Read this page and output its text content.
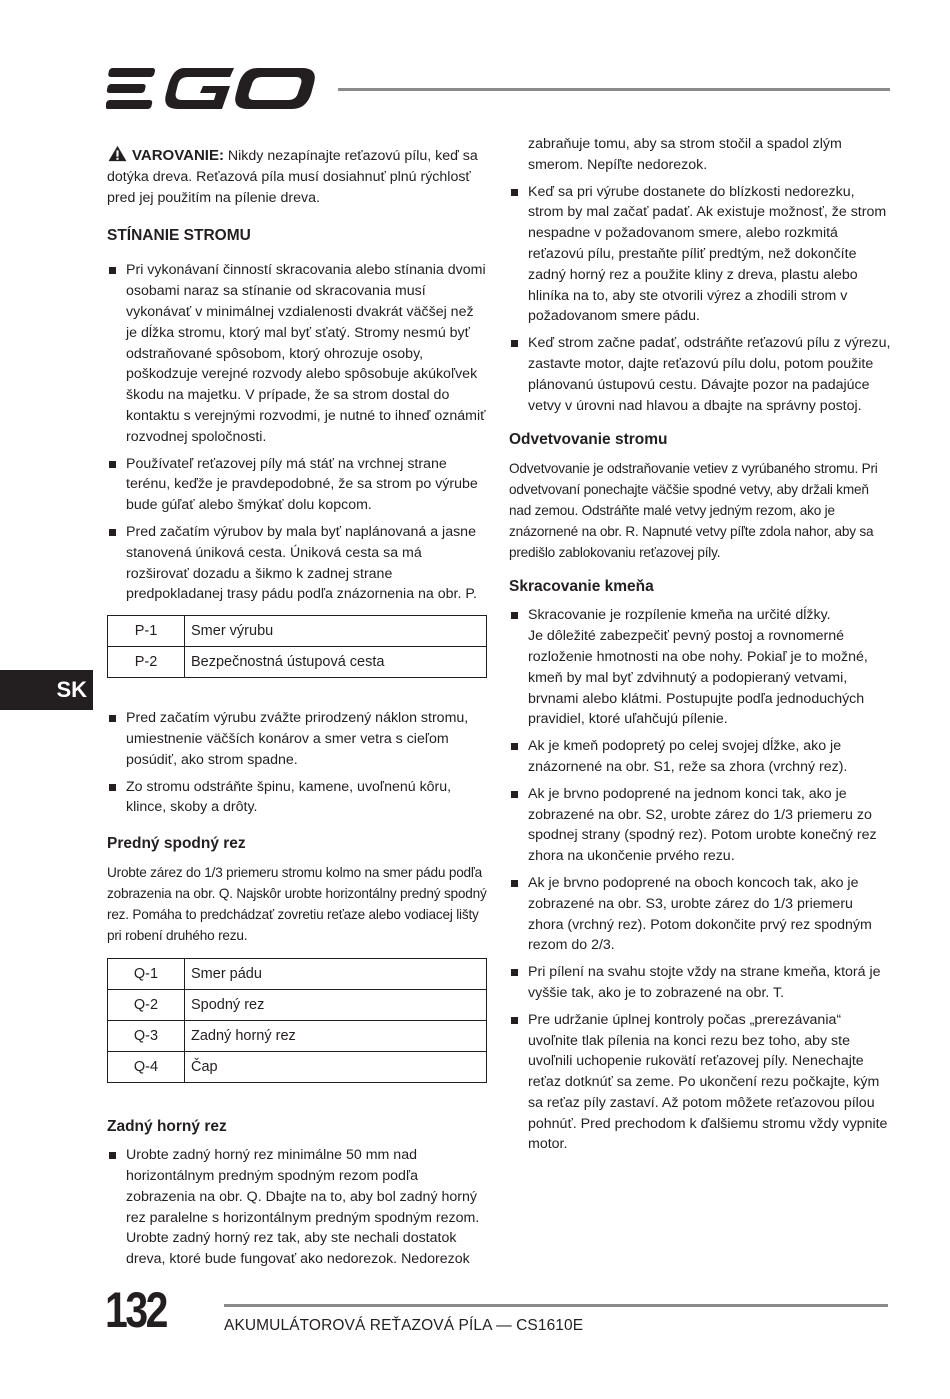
SK

VAROVANIE: Nikdy nezapínajte reťazovú pílu, keď sa dotýka dreva. Reťazová píla musí dosiahnuť plnú rýchlosť pred jej použitím na pílenie dreva.

STÍNANIE STROMU
Pri vykonávaní činností skracovania alebo stínania dvomi osobami naraz sa stínanie od skracovania musí vykonávať v minimálnej vzdialenosti dvakrát väčšej než je dĺžka stromu, ktorý mal byť sťatý. Stromy nesmú byť odstraňované spôsobom, ktorý ohrozuje osoby, poškodzuje verejné rozvody alebo spôsobuje akúkoľvek škodu na majetku. V prípade, že sa strom dostal do kontaktu s verejnými rozvodmi, je nutné to ihneď oznámiť rozvodnej spoločnosti.
Používateľ reťazovej píly má stáť na vrchnej strane terénu, keďže je pravdepodobné, že sa strom po výrube bude gúľať alebo šmýkať dolu kopcom.
Pred začatím výrubov by mala byť naplánovaná a jasne stanovená úniková cesta. Úniková cesta sa má rozširovať dozadu a šikmo k zadnej strane predpokladanej trasy pádu podľa znázornenia na obr. P.
P-1	Smer výrubu
P-2	Bezpečnostná ústupová cesta
Pred začatím výrubu zvážte prirodzený náklon stromu, umiestnenie väčších konárov a smer vetra s cieľom posúdiť, ako strom spadne.
Zo stromu odstráňte špinu, kamene, uvoľnenú kôru, klince, skoby a drôty.
Predný spodný rez

Urobte zárez do 1/3 priemeru stromu kolmo na smer pádu podľa zobrazenia na obr. Q. Najskôr urobte horizontálny predný spodný rez. Pomáha to predchádzať zovretiu reťaze alebo vodiacej lišty pri robení druhého rezu.

Q-1	Smer pádu
Q-2	Spodný rez
Q-3	Zadný horný rez
Q-4	Čap
Zadný horný rez
Urobte zadný horný rez minimálne 50 mm nad horizontálnym predným spodným rezom podľa zobrazenia na obr. Q. Dbajte na to, aby bol zadný horný rez paralelne s horizontálnym predným spodným rezom. Urobte zadný horný rez tak, aby ste nechali dostatok dreva, ktoré bude fungovať ako nedorezok. Nedorezok
zabraňuje tomu, aby sa strom stočil a spadol zlým smerom. Nepíľte nedorezok.
Keď sa pri výrube dostanete do blízkosti nedorezku, strom by mal začať padať. Ak existuje možnosť, že strom nespadne v požadovanom smere, alebo rozkmitá reťazovú pílu, prestaňte píliť predtým, než dokončíte zadný horný rez a použite kliny z dreva, plastu alebo hliníka na to, aby ste otvorili výrez a zhodili strom v požadovanom smere pádu.
Keď strom začne padať, odstráňte reťazovú pílu z výrezu, zastavte motor, dajte reťazovú pílu dolu, potom použite plánovanú ústupovú cestu. Dávajte pozor na padajúce vetvy v úrovni nad hlavou a dbajte na správny postoj.
Odvetvovanie stromu

Odvetvovanie je odstraňovanie vetiev z vyrúbaného stromu. Pri odvetvovaní ponechajte väčšie spodné vetvy, aby držali kmeň nad zemou. Odstráňte malé vetvy jedným rezom, ako je znázornené na obr. R. Napnuté vetvy píľte zdola nahor, aby sa predišlo zablokovaniu reťazovej píly.

Skracovanie kmeňa
Skracovanie je rozpílenie kmeňa na určité dĺžky.
Je dôležité zabezpečiť pevný postoj a rovnomerné rozloženie hmotnosti na obe nohy. Pokiaľ je to možné, kmeň by mal byť zdvihnutý a podopieraný vetvami, brvnami alebo klátmi. Postupujte podľa jednoduchých pravidiel, ktoré uľahčujú pílenie.
Ak je kmeň podopretý po celej svojej dĺžke, ako je znázornené na obr. S1, reže sa zhora (vrchný rez).
Ak je brvno podoprené na jednom konci tak, ako je zobrazené na obr. S2, urobte zárez do 1/3 priemeru zo spodnej strany (spodný rez). Potom urobte konečný rez zhora na ukončenie prvého rezu.
Ak je brvno podoprené na oboch koncoch tak, ako je zobrazené na obr. S3, urobte zárez do 1/3 priemeru zhora (vrchný rez). Potom dokončite prvý rez spodným rezom do 2/3.
Pri pílení na svahu stojte vždy na strane kmeňa, ktorá je vyššie tak, ako je to zobrazené na obr. T.
Pre udržanie úplnej kontroly počas „prerezávania“ uvoľnite tlak pílenia na konci rezu bez toho, aby ste uvoľnili uchopenie rukovätí reťazovej píly. Nenechajte reťaz dotknúť sa zeme. Po ukončení rezu počkajte, kým sa reťaz píly zastaví. Až potom môžete reťazovou pílou pohnúť. Pred prechodom k ďalšiemu stromu vždy vypnite motor.
132	AKUMULÁTOROVÁ REŤAZOVÁ PÍLA — CS1610E
